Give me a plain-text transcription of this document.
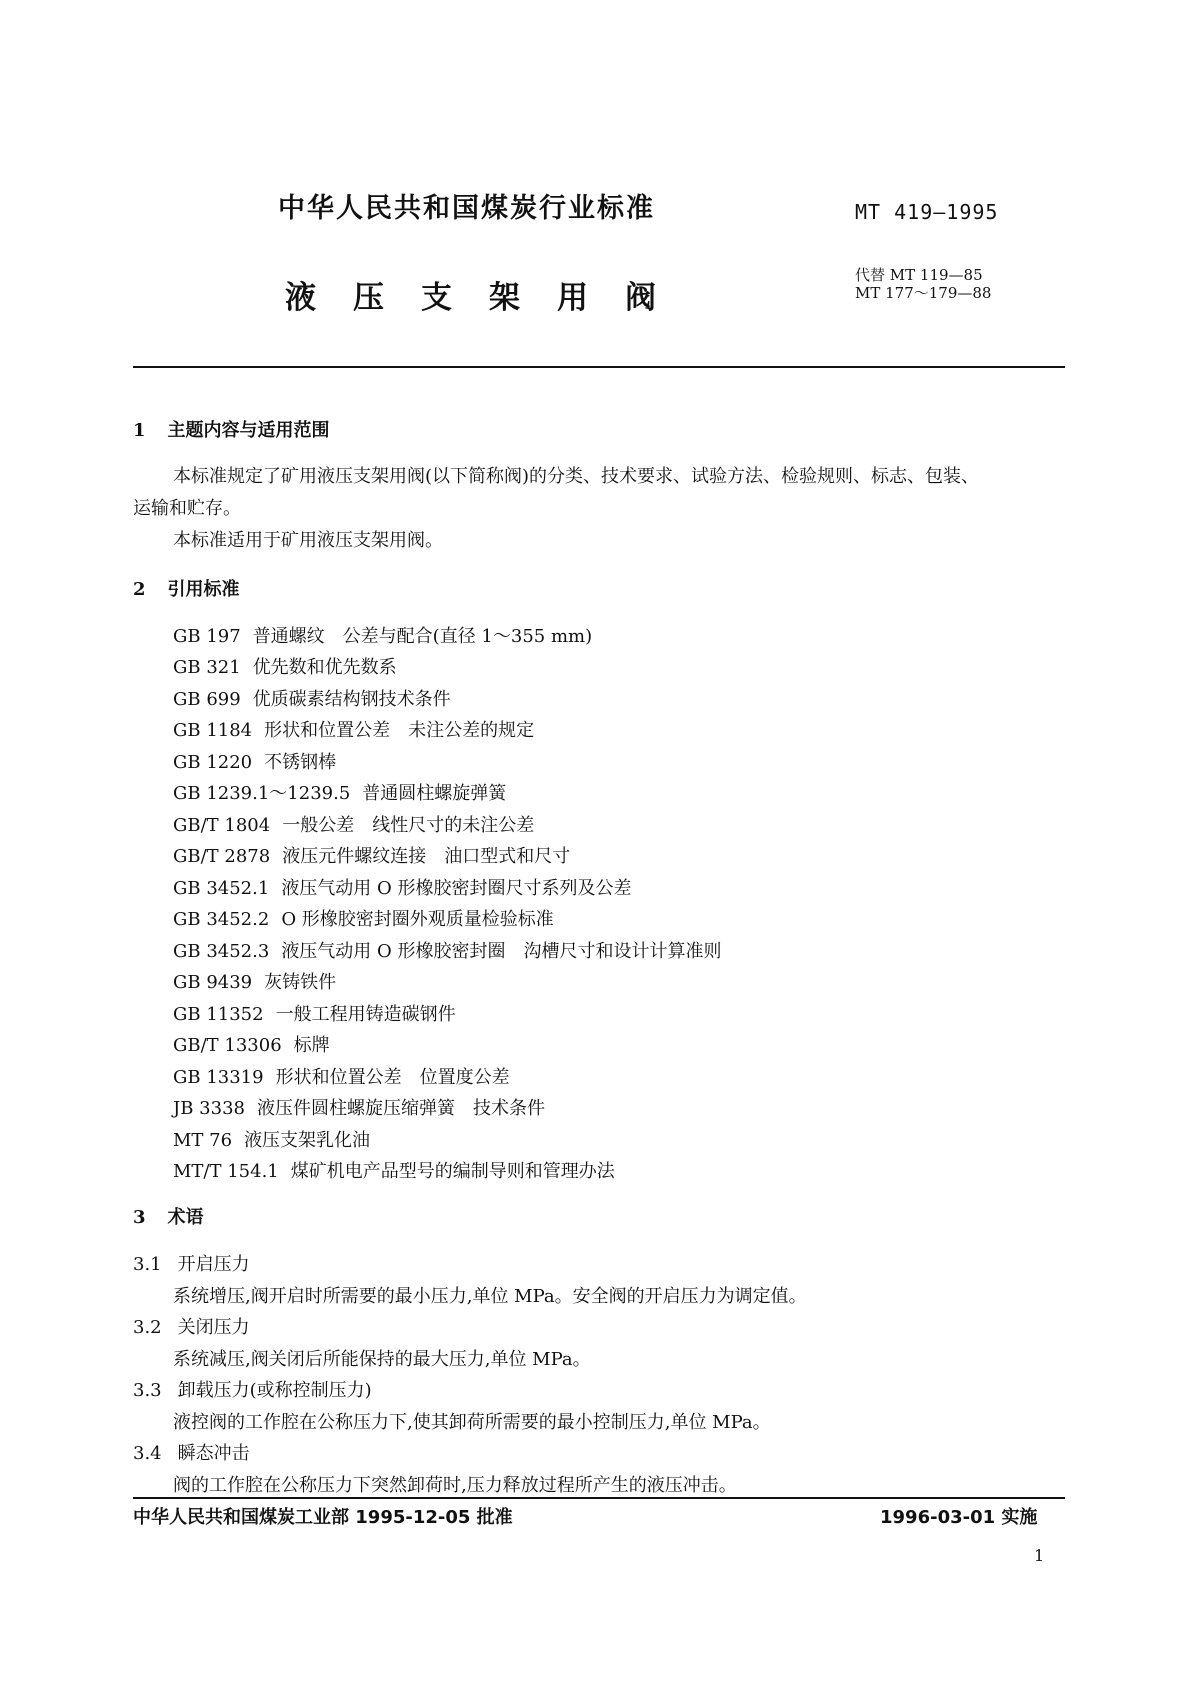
中华人民共和国煤炭行业标准	MT 419—1995
液 压 支 架 用 阀
代替 MT 119—85
MT 177～179—88
1 主题内容与适用范围
本标准规定了矿用液压支架用阀(以下简称阀)的分类、技术要求、试验方法、检验规则、标志、包装、
运输和贮存。
本标准适用于矿用液压支架用阀。
2 引用标准
GB 197 普通螺纹　公差与配合(直径 1～355 mm)
GB 321 优先数和优先数系
GB 699 优质碳素结构钢技术条件
GB 1184 形状和位置公差　未注公差的规定
GB 1220 不锈钢棒
GB 1239.1～1239.5 普通圆柱螺旋弹簧
GB/T 1804 一般公差　线性尺寸的未注公差
GB/T 2878 液压元件螺纹连接　油口型式和尺寸
GB 3452.1 液压气动用 O 形橡胶密封圈尺寸系列及公差
GB 3452.2 O 形橡胶密封圈外观质量检验标准
GB 3452.3 液压气动用 O 形橡胶密封圈　沟槽尺寸和设计计算准则
GB 9439 灰铸铁件
GB 11352 一般工程用铸造碳钢件
GB/T 13306 标牌
GB 13319 形状和位置公差　位置度公差
JB 3338 液压件圆柱螺旋压缩弹簧　技术条件
MT 76 液压支架乳化油
MT/T 154.1 煤矿机电产品型号的编制导则和管理办法
3 术语
3.1 开启压力
系统增压,阀开启时所需要的最小压力,单位 MPa。安全阀的开启压力为调定值。
3.2 关闭压力
系统减压,阀关闭后所能保持的最大压力,单位 MPa。
3.3 卸载压力(或称控制压力)
液控阀的工作腔在公称压力下,使其卸荷所需要的最小控制压力,单位 MPa。
3.4 瞬态冲击
阀的工作腔在公称压力下突然卸荷时,压力释放过程所产生的液压冲击。
中华人民共和国煤炭工业部 1995-12-05 批准	1996-03-01 实施
1
